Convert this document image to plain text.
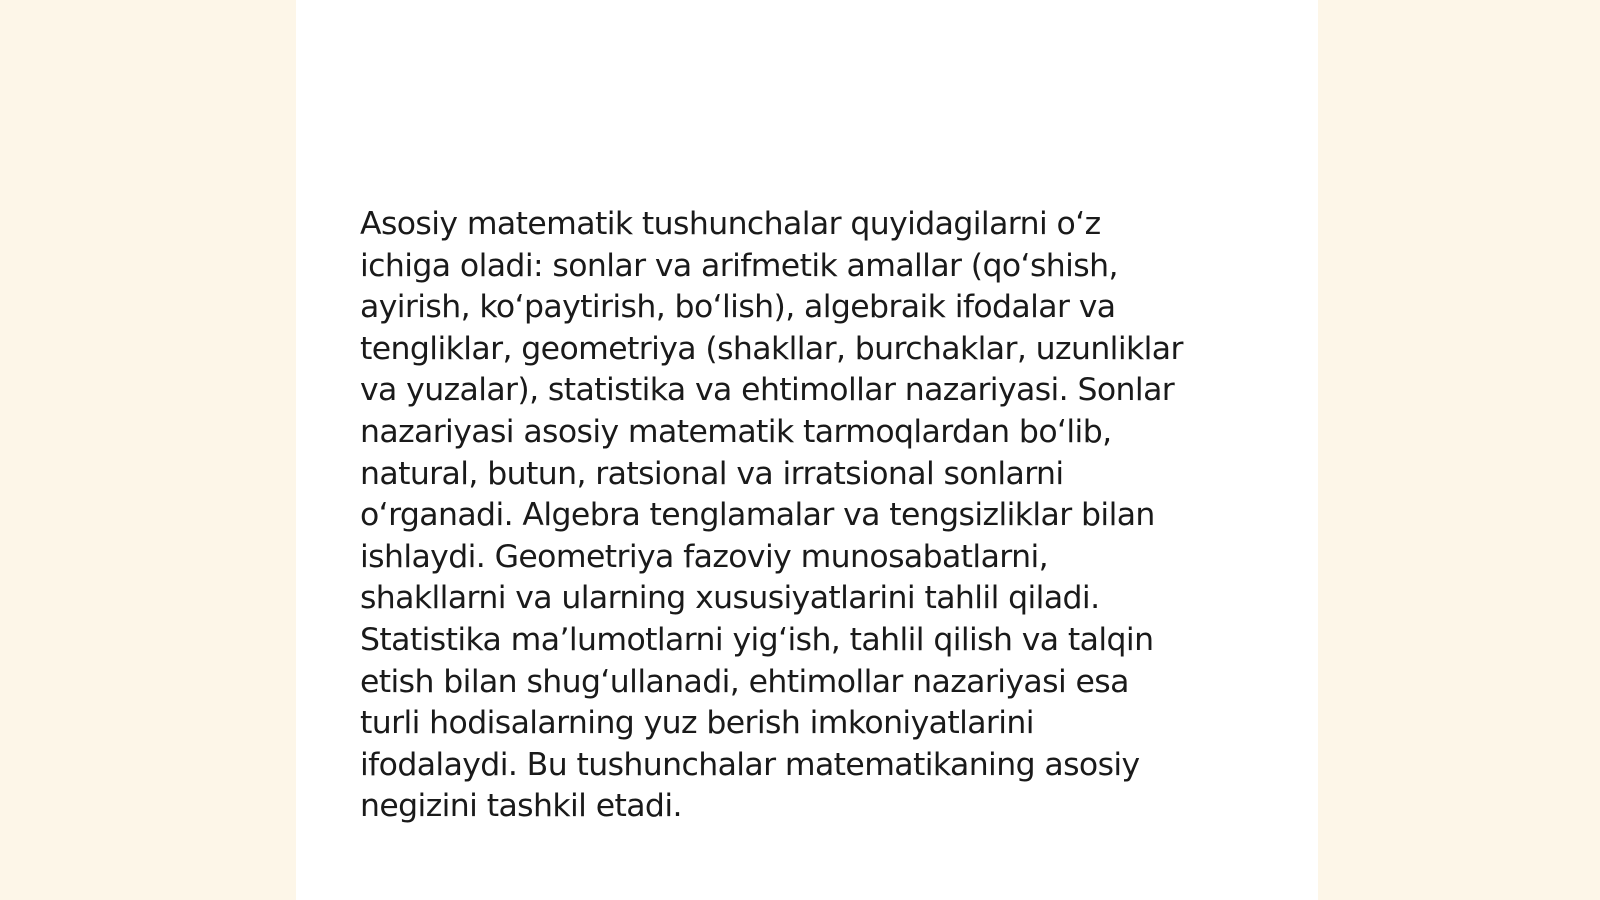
Asosiy matematik tushunchalar quyidagilarni oʻz
ichiga oladi: sonlar va arifmetik amallar (qoʻshish,
ayirish, koʻpaytirish, boʻlish), algebraik ifodalar va
tengliklar, geometriya (shakllar, burchaklar, uzunliklar
va yuzalar), statistika va ehtimollar nazariyasi. Sonlar
nazariyasi asosiy matematik tarmoqlardan boʻlib,
natural, butun, ratsional va irratsional sonlarni
oʻrganadi. Algebra tenglamalar va tengsizliklar bilan
ishlaydi. Geometriya fazoviy munosabatlarni,
shakllarni va ularning xususiyatlarini tahlil qiladi.
Statistika maʼlumotlarni yigʻish, tahlil qilish va talqin
etish bilan shugʻullanadi, ehtimollar nazariyasi esa
turli hodisalarning yuz berish imkoniyatlarini
ifodalaydi. Bu tushunchalar matematikaning asosiy
negizini tashkil etadi.
